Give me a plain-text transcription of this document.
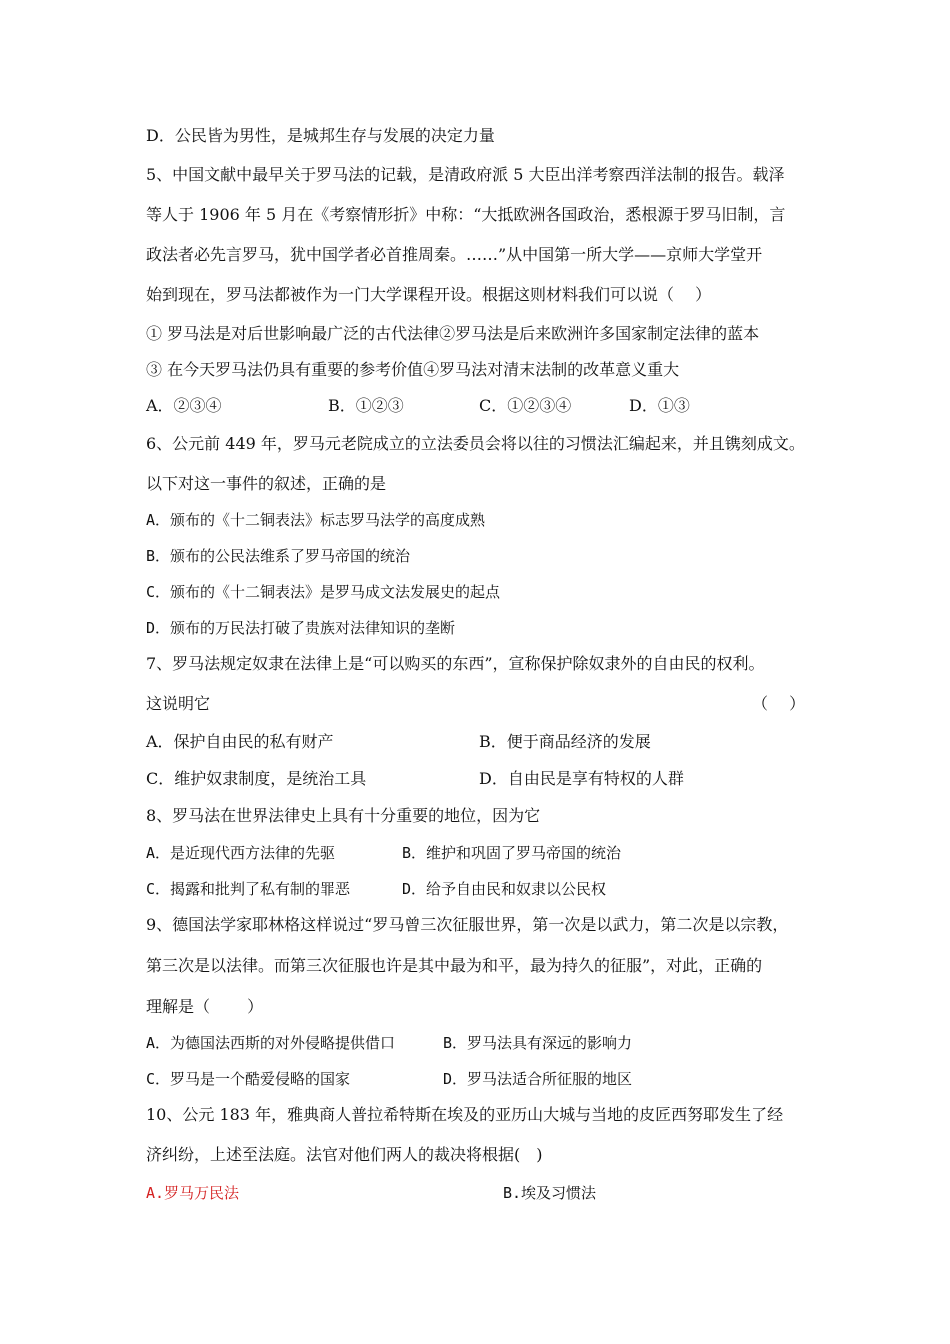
D．公民皆为男性，是城邦生存与发展的决定力量
5、中国文献中最早关于罗马法的记载，是清政府派 5 大臣出洋考察西洋法制的报告。载泽
等人于 1906 年 5 月在《考察情形折》中称：“大抵欧洲各国政治，悉根源于罗马旧制，言
政法者必先言罗马，犹中国学者必首推周秦。……”从中国第一所大学——京师大学堂开
始到现在，罗马法都被作为一门大学课程开设。根据这则材料我们可以说（　 ）
① 罗马法是对后世影响最广泛的古代法律②罗马法是后来欧洲许多国家制定法律的蓝本
③ 在今天罗马法仍具有重要的参考价值④罗马法对清末法制的改革意义重大
A．②③④	B．①②③	C．①②③④	D．①③
6、公元前 449 年，罗马元老院成立的立法委员会将以往的习惯法汇编起来，并且镌刻成文。
以下对这一事件的叙述，正确的是
A．颁布的《十二铜表法》标志罗马法学的高度成熟
B．颁布的公民法维系了罗马帝国的统治
C．颁布的《十二铜表法》是罗马成文法发展史的起点
D．颁布的万民法打破了贵族对法律知识的垄断
7、罗马法规定奴隶在法律上是“可以购买的东西”，宣称保护除奴隶外的自由民的权利。
这说明它	（　 ）
A．保护自由民的私有财产	B．便于商品经济的发展
C．维护奴隶制度，是统治工具	D．自由民是享有特权的人群
8、罗马法在世界法律史上具有十分重要的地位，因为它
A．是近现代西方法律的先驱	B．维护和巩固了罗马帝国的统治
C．揭露和批判了私有制的罪恶	D．给予自由民和奴隶以公民权
9、德国法学家耶林格这样说过“罗马曾三次征服世界，第一次是以武力，第二次是以宗教，
第三次是以法律。而第三次征服也许是其中最为和平，最为持久的征服”，对此，正确的
理解是（　　 ）
A．为德国法西斯的对外侵略提供借口	B．罗马法具有深远的影响力
C．罗马是一个酷爱侵略的国家	D．罗马法适合所征服的地区
10、公元 183 年，雅典商人普拉希特斯在埃及的亚历山大城与当地的皮匠西努耶发生了经
济纠纷，上述至法庭。法官对他们两人的裁决将根据(　)
A.罗马万民法	B.埃及习惯法
